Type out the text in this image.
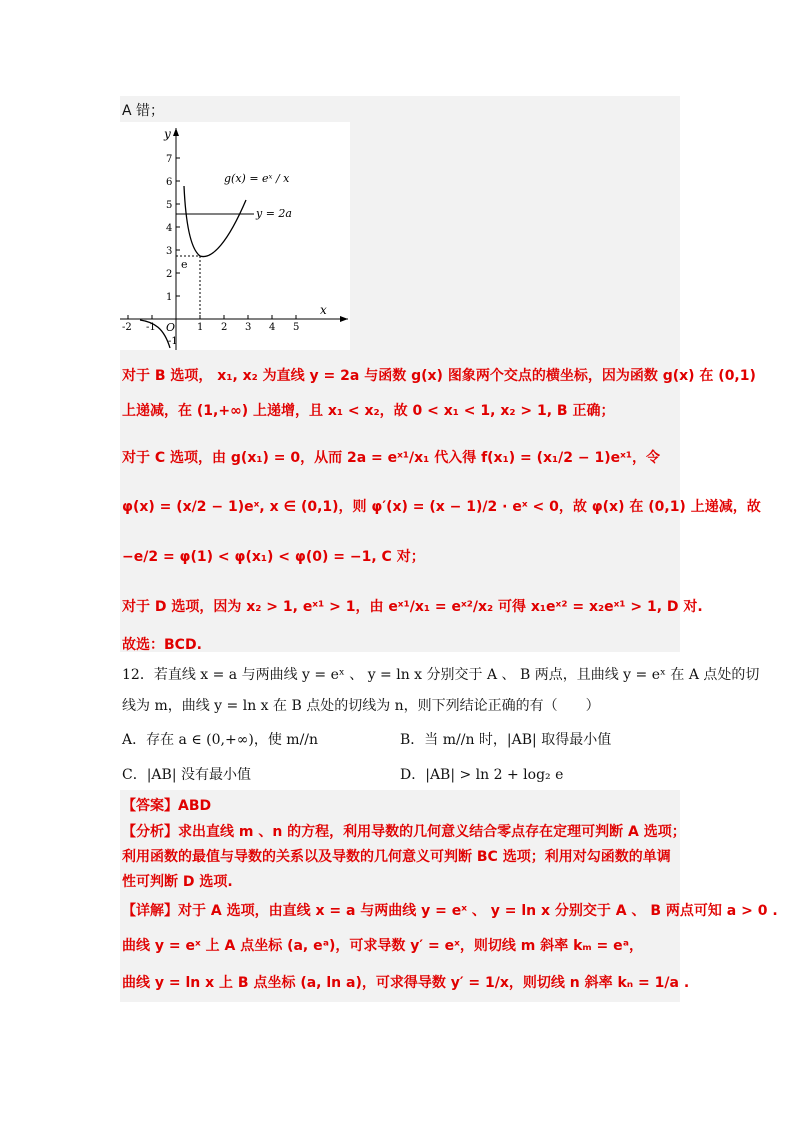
A 错；
y
x
O
7
6
5
4
3
2
1
-1
-2 -1	1 2 3 4 5
e
y = 2a
g(x) = eˣ / x
对于 B 选项， x₁, x₂ 为直线 y = 2a 与函数 g(x) 图象两个交点的横坐标，因为函数 g(x) 在 (0,1)
上递减，在 (1,+∞) 上递增，且 x₁ < x₂，故 0 < x₁ < 1, x₂ > 1, B 正确；
对于 C 选项，由 g(x₁) = 0，从而 2a = eˣ¹/x₁ 代入得 f(x₁) = (x₁/2 − 1)eˣ¹，令
φ(x) = (x/2 − 1)eˣ, x ∈ (0,1)，则 φ′(x) = (x − 1)/2 · eˣ < 0，故 φ(x) 在 (0,1) 上递减，故
−e/2 = φ(1) < φ(x₁) < φ(0) = −1, C 对；
对于 D 选项，因为 x₂ > 1, eˣ¹ > 1，由 eˣ¹/x₁ = eˣ²/x₂ 可得 x₁eˣ² = x₂eˣ¹ > 1, D 对.
故选：BCD.
12．若直线 x = a 与两曲线 y = eˣ 、 y = ln x 分别交于 A 、 B 两点，且曲线 y = eˣ 在 A 点处的切
线为 m，曲线 y = ln x 在 B 点处的切线为 n，则下列结论正确的有（　　）
A．存在 a ∈ (0,+∞)，使 m//n	B．当 m//n 时，|AB| 取得最小值
C．|AB| 没有最小值	D．|AB| > ln 2 + log₂ e
【答案】ABD
【分析】求出直线 m 、n 的方程，利用导数的几何意义结合零点存在定理可判断 A 选项；
利用函数的最值与导数的关系以及导数的几何意义可判断 BC 选项；利用对勾函数的单调
性可判断 D 选项.
【详解】对于 A 选项，由直线 x = a 与两曲线 y = eˣ 、 y = ln x 分别交于 A 、 B 两点可知 a > 0 .
曲线 y = eˣ 上 A 点坐标 (a, eᵃ)，可求导数 y′ = eˣ，则切线 m 斜率 kₘ = eᵃ，
曲线 y = ln x 上 B 点坐标 (a, ln a)，可求得导数 y′ = 1/x，则切线 n 斜率 kₙ = 1/a .
